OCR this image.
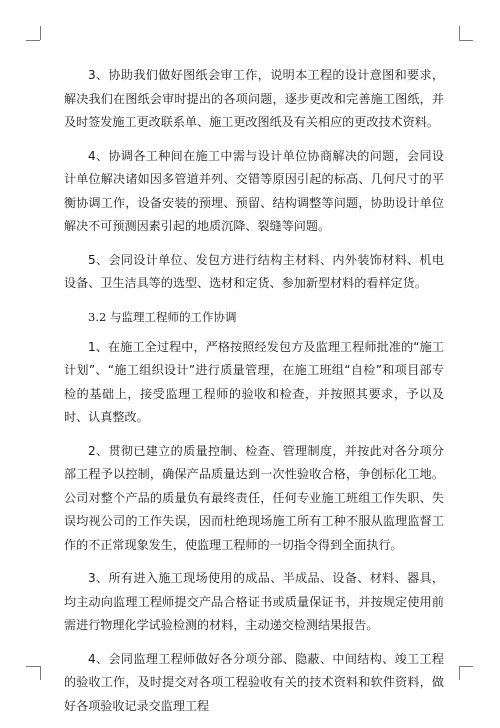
3、协助我们做好图纸会审工作，说明本工程的设计意图和要求，解决我们在图纸会审时提出的各项问题，逐步更改和完善施工图纸，并及时签发施工更改联系单、施工更改图纸及有关相应的更改技术资料。

4、协调各工种间在施工中需与设计单位协商解决的问题，会同设计单位解决诸如因多管道并列、交错等原因引起的标高、几何尺寸的平衡协调工作，设备安装的预埋、预留、结构调整等问题，协助设计单位解决不可预测因素引起的地质沉降、裂缝等问题。

5、会同设计单位、发包方进行结构主材料、内外装饰材料、机电设备、卫生洁具等的选型、选材和定货、参加新型材料的看样定货。

3.2 与监理工程师的工作协调

1、在施工全过程中，严格按照经发包方及监理工程师批准的“施工计划”、“施工组织设计”进行质量管理，在施工班组“自检”和项目部专检的基础上，接受监理工程师的验收和检查，并按照其要求，予以及时、认真整改。

2、贯彻已建立的质量控制、检查、管理制度，并按此对各分项分部工程予以控制，确保产品质量达到一次性验收合格，争创标化工地。公司对整个产品的质量负有最终责任，任何专业施工班组工作失职、失误均视公司的工作失误，因而杜绝现场施工所有工种不服从监理监督工作的不正常现象发生，使监理工程师的一切指令得到全面执行。

3、所有进入施工现场使用的成品、半成品、设备、材料、器具，均主动向监理工程师提交产品合格证书或质量保证书，并按规定使用前需进行物理化学试验检测的材料，主动递交检测结果报告。

4、会同监理工程师做好各分项分部、隐蔽、中间结构、竣工工程的验收工作，及时提交对各项工程验收有关的技术资料和软件资料，做好各项验收记录交监理工程
